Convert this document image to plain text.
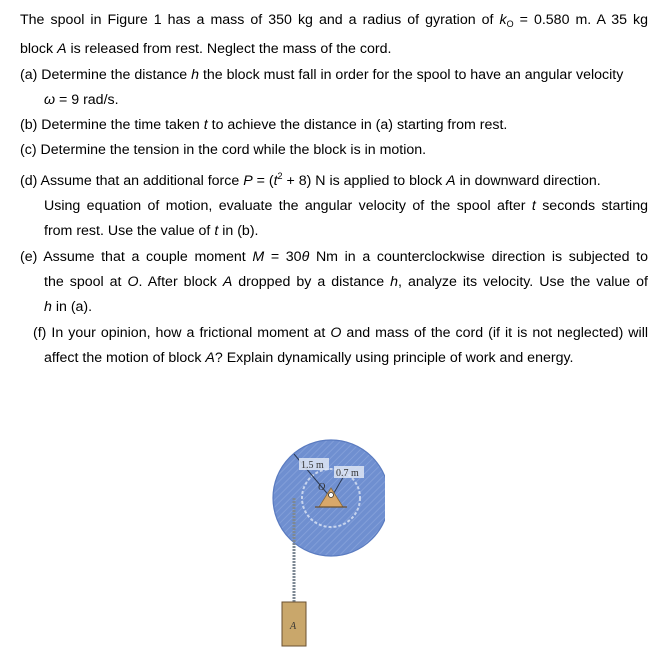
The spool in Figure 1 has a mass of 350 kg and a radius of gyration of $k_O = 0.580$ m. A 35 kg
block A is released from rest. Neglect the mass of the cord.
(a) Determine the distance h the block must fall in order for the spool to have an angular velocity
ω = 9 rad/s.
(b) Determine the time taken t to achieve the distance in (a) starting from rest.
(c) Determine the tension in the cord while the block is in motion.
(d) Assume that an additional force $P = (t^2 + 8)$ N is applied to block A in downward direction.
Using equation of motion, evaluate the angular velocity of the spool after t seconds starting
from rest. Use the value of t in (b).
(e) Assume that a couple moment M = 30θ Nm in a counterclockwise direction is subjected to
the spool at O. After block A dropped by a distance h, analyze its velocity. Use the value of
h in (a).
(f) In your opinion, how a frictional moment at O and mass of the cord (if it is not neglected) will
affect the motion of block A? Explain dynamically using principle of work and energy.
1.5 m
0.7 m
O
A
